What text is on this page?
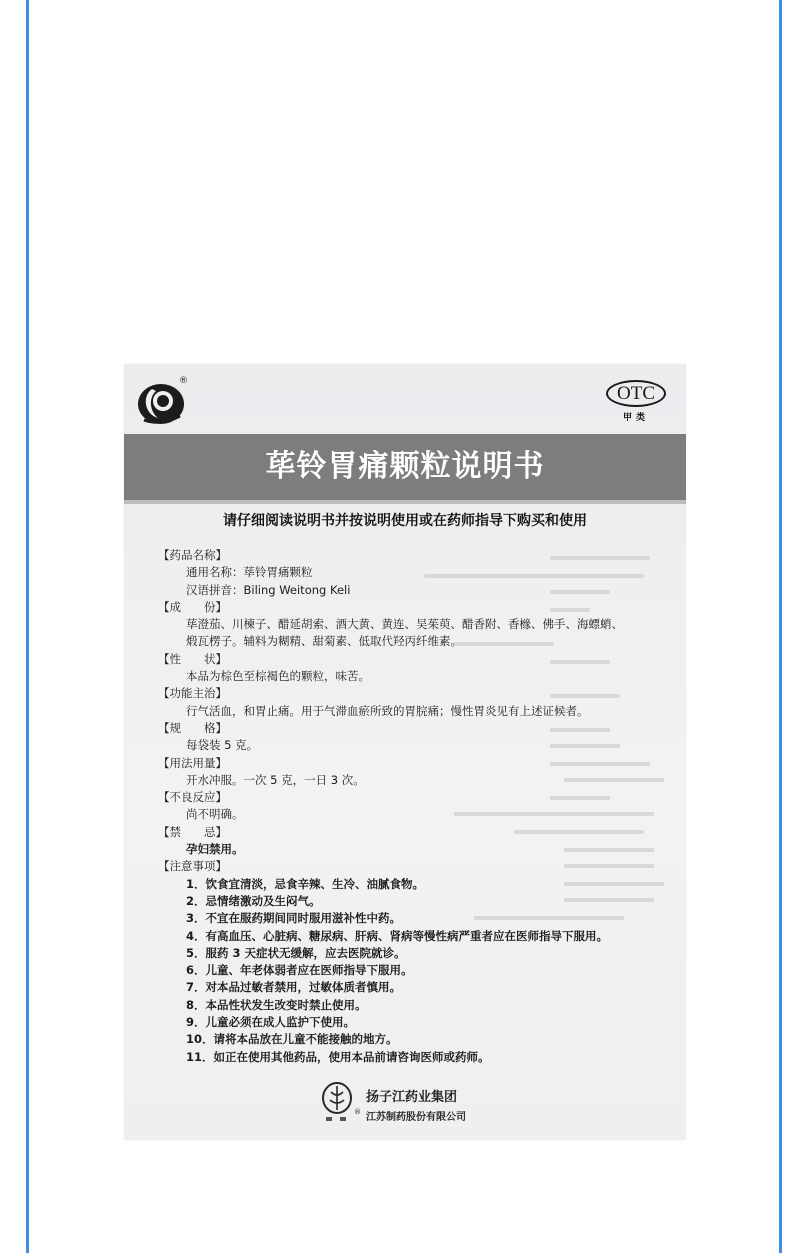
®
OTC
甲类
荜铃胃痛颗粒说明书
请仔细阅读说明书并按说明使用或在药师指导下购买和使用
【药品名称】
通用名称：荜铃胃痛颗粒
汉语拼音：Biling Weitong Keli
【成　　份】
荜澄茄、川楝子、醋延胡索、酒大黄、黄连、吴茱萸、醋香附、香橼、佛手、海螵蛸、
煅瓦楞子。辅料为糊精、甜菊素、低取代羟丙纤维素。
【性　　状】
本品为棕色至棕褐色的颗粒，味苦。
【功能主治】
行气活血，和胃止痛。用于气滞血瘀所致的胃脘痛；慢性胃炎见有上述证候者。
【规　　格】
每袋装 5 克。
【用法用量】
开水冲服。一次 5 克，一日 3 次。
【不良反应】
尚不明确。
【禁　　忌】
孕妇禁用。
【注意事项】
1．饮食宜清淡，忌食辛辣、生冷、油腻食物。
2．忌情绪激动及生闷气。
3．不宜在服药期间同时服用滋补性中药。
4．有高血压、心脏病、糖尿病、肝病、肾病等慢性病严重者应在医师指导下服用。
5．服药 3 天症状无缓解，应去医院就诊。
6．儿童、年老体弱者应在医师指导下服用。
7．对本品过敏者禁用，过敏体质者慎用。
8．本品性状发生改变时禁止使用。
9．儿童必须在成人监护下使用。
10．请将本品放在儿童不能接触的地方。
11．如正在使用其他药品，使用本品前请咨询医师或药师。
®
扬子江药业集团
江苏制药股份有限公司
